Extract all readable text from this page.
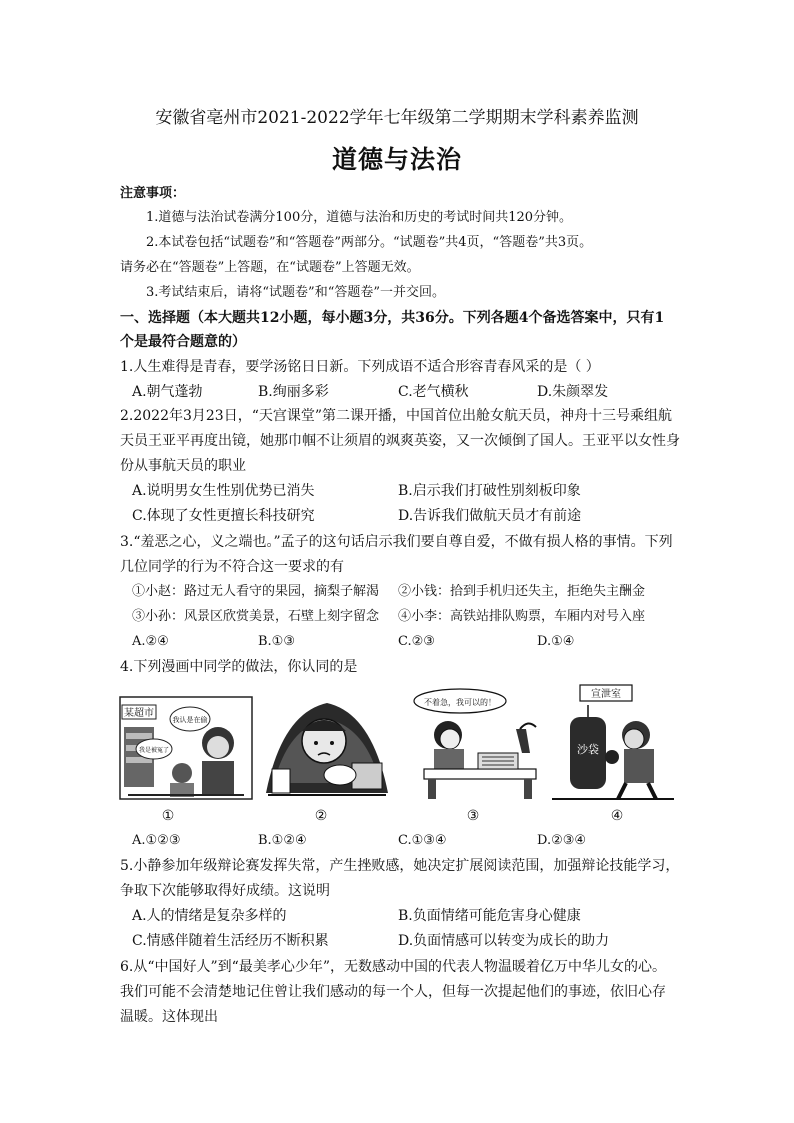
安徽省亳州市2021-2022学年七年级第二学期期末学科素养监测
道德与法治
注意事项：
1.道德与法治试卷满分100分，道德与法治和历史的考试时间共120分钟。
2.本试卷包括“试题卷”和“答题卷”两部分。“试题卷”共4页，“答题卷”共3页。
请务必在“答题卷”上答题，在“试题卷”上答题无效。
3.考试结束后，请将“试题卷”和“答题卷”一并交回。
一、选择题（本大题共12小题，每小题3分，共36分。下列各题4个备选答案中，只有1
个是最符合题意的）
1.人生难得是青春，要学汤铭日日新。下列成语不适合形容青春风采的是（ ）
A.朝气蓬勃	B.绚丽多彩	C.老气横秋	D.朱颜翠发
2.2022年3月23日，“天宫课堂”第二课开播，中国首位出舱女航天员，神舟十三号乘组航
天员王亚平再度出镜，她那巾帼不让须眉的飒爽英姿，又一次倾倒了国人。王亚平以女性身
份从事航天员的职业
A.说明男女生性别优势已消失	B.启示我们打破性别刻板印象
C.体现了女性更擅长科技研究	D.告诉我们做航天员才有前途
3.“羞恶之心，义之端也。”孟子的这句话启示我们要自尊自爱，不做有损人格的事情。下列
几位同学的行为不符合这一要求的有
①小赵：路过无人看守的果园，摘梨子解渴 ②小钱：拾到手机归还失主，拒绝失主酬金
③小孙：风景区欣赏美景，石壁上刻字留念 ④小李：高铁站排队购票，车厢内对号入座
A.②④	B.①③	C.②③	D.①④
4.下列漫画中同学的做法，你认同的是
某超市
我认是在偷
我是被冤了
不着急，我可以的！
宣泄室
沙袋
①	②	③	④
A.①②③	B.①②④	C.①③④	D.②③④
5.小静参加年级辩论赛发挥失常，产生挫败感，她决定扩展阅读范围，加强辩论技能学习，
争取下次能够取得好成绩。这说明
A.人的情绪是复杂多样的	B.负面情绪可能危害身心健康
C.情感伴随着生活经历不断积累	D.负面情感可以转变为成长的助力
6.从“中国好人”到“最美孝心少年”，无数感动中国的代表人物温暖着亿万中华儿女的心。
我们可能不会清楚地记住曾让我们感动的每一个人，但每一次提起他们的事迹，依旧心存
温暖。这体现出
